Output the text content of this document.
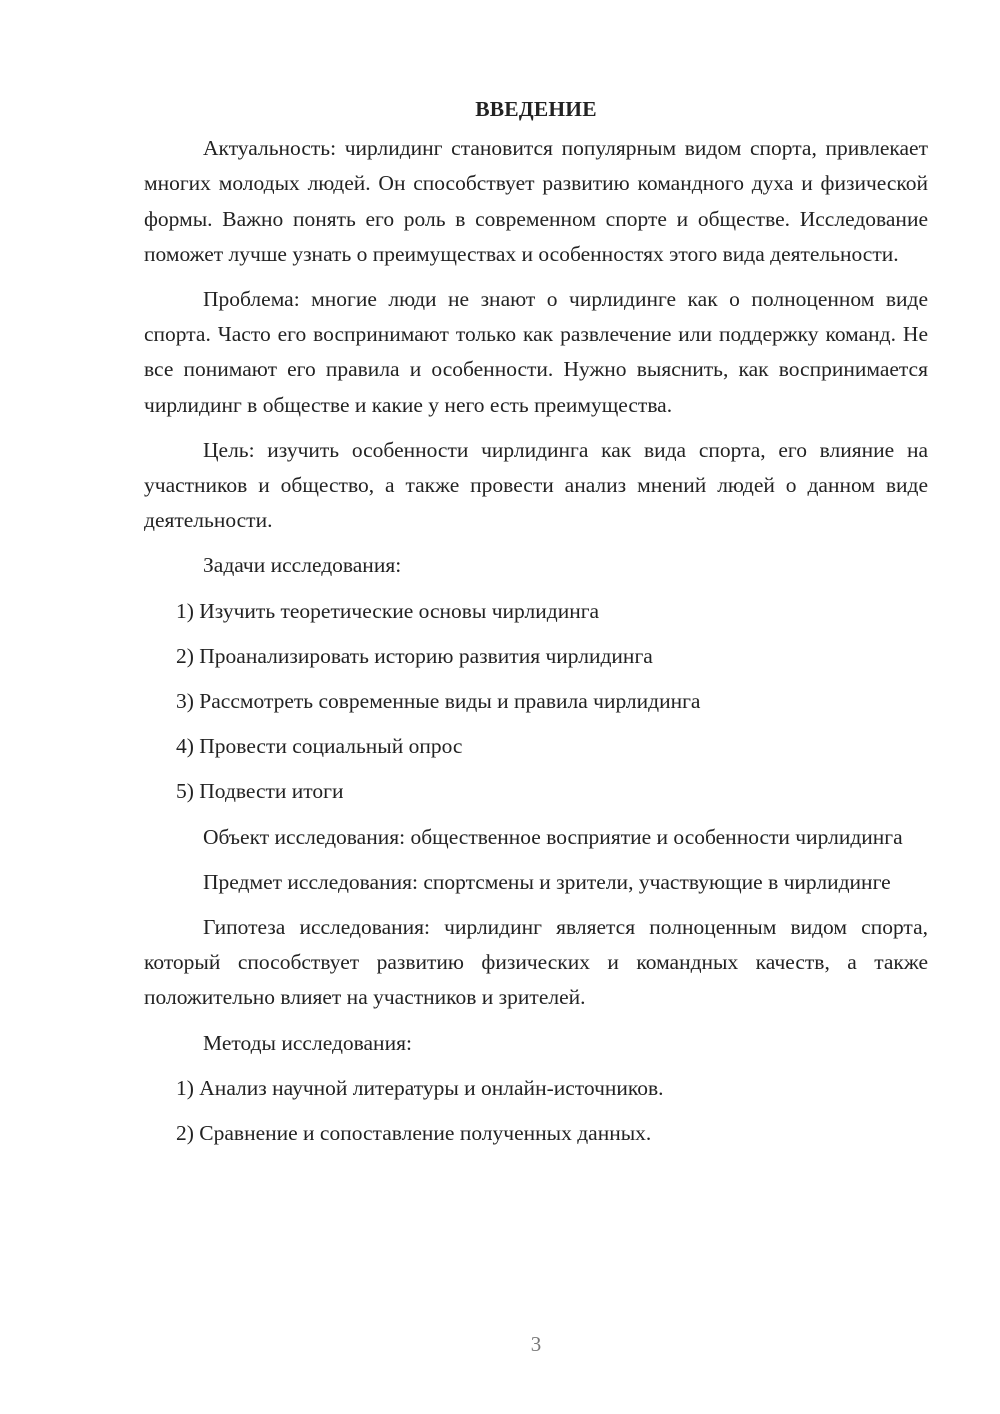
ВВЕДЕНИЕ
Актуальность: чирлидинг становится популярным видом спорта, привлекает многих молодых людей. Он способствует развитию командного духа и физической формы. Важно понять его роль в современном спорте и обществе. Исследование поможет лучше узнать о преимуществах и особенностях этого вида деятельности.
Проблема: многие люди не знают о чирлидинге как о полноценном виде спорта. Часто его воспринимают только как развлечение или поддержку команд. Не все понимают его правила и особенности. Нужно выяснить, как воспринимается чирлидинг в обществе и какие у него есть преимущества.
Цель: изучить особенности чирлидинга как вида спорта, его влияние на участников и общество, а также провести анализ мнений людей о данном виде деятельности.
Задачи исследования:
1) Изучить теоретические основы чирлидинга
2) Проанализировать историю развития чирлидинга
3) Рассмотреть современные виды и правила чирлидинга
4) Провести социальный опрос
5) Подвести итоги
Объект исследования: общественное восприятие и особенности чирлидинга
Предмет исследования: спортсмены и зрители, участвующие в чирлидинге
Гипотеза исследования: чирлидинг является полноценным видом спорта, который способствует развитию физических и командных качеств, а также положительно влияет на участников и зрителей.
Методы исследования:
1) Анализ научной литературы и онлайн-источников.
2) Сравнение и сопоставление полученных данных.
3
